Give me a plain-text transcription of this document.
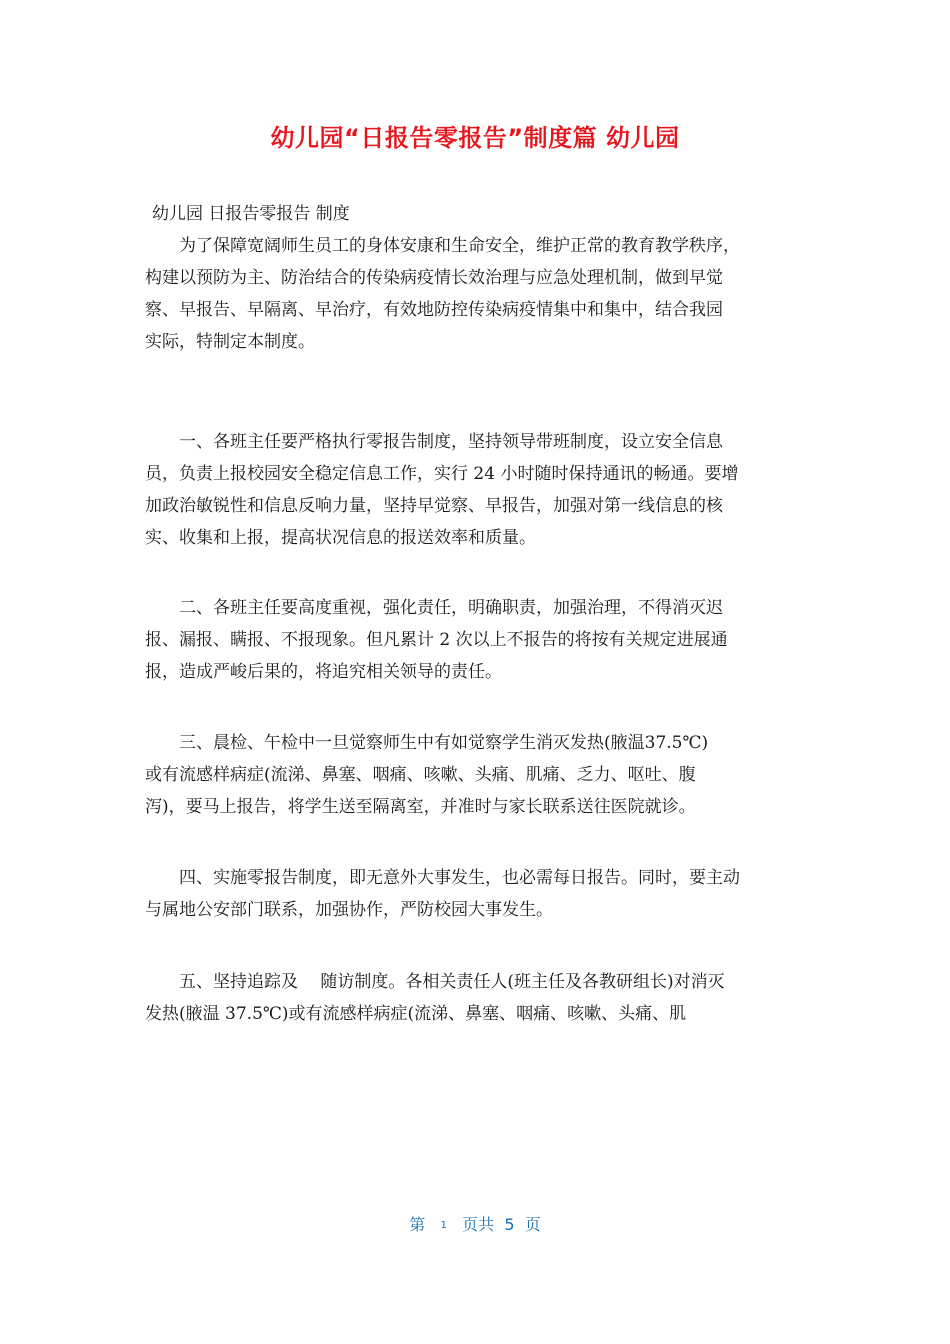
幼儿园“日报告零报告”制度篇 幼儿园
幼儿园 日报告零报告 制度
　　为了保障宽阔师生员工的身体安康和生命安全，维护正常的教育教学秩序，
构建以预防为主、防治结合的传染病疫情长效治理与应急处理机制，做到早觉
察、早报告、早隔离、早治疗，有效地防控传染病疫情集中和集中，结合我园
实际，特制定本制度。
　　一、各班主任要严格执行零报告制度，坚持领导带班制度，设立安全信息
员，负责上报校园安全稳定信息工作，实行 24 小时随时保持通讯的畅通。要增
加政治敏锐性和信息反响力量，坚持早觉察、早报告，加强对第一线信息的核
实、收集和上报，提高状况信息的报送效率和质量。
　　二、各班主任要高度重视，强化责任，明确职责，加强治理，不得消灭迟
报、漏报、瞒报、不报现象。但凡累计 2 次以上不报告的将按有关规定进展通
报，造成严峻后果的，将追究相关领导的责任。
　　三、晨检、午检中一旦觉察师生中有如觉察学生消灭发热(腋温37.5℃)
或有流感样病症(流涕、鼻塞、咽痛、咳嗽、头痛、肌痛、乏力、呕吐、腹
泻)，要马上报告，将学生送至隔离室，并准时与家长联系送往医院就诊。
　　四、实施零报告制度，即无意外大事发生，也必需每日报告。同时，要主动
与属地公安部门联系，加强协作，严防校园大事发生。
　　五、坚持追踪及　 随访制度。各相关责任人(班主任及各教研组长)对消灭
发热(腋温 37.5℃)或有流感样病症(流涕、鼻塞、咽痛、咳嗽、头痛、肌
第 1 页共 5 页
